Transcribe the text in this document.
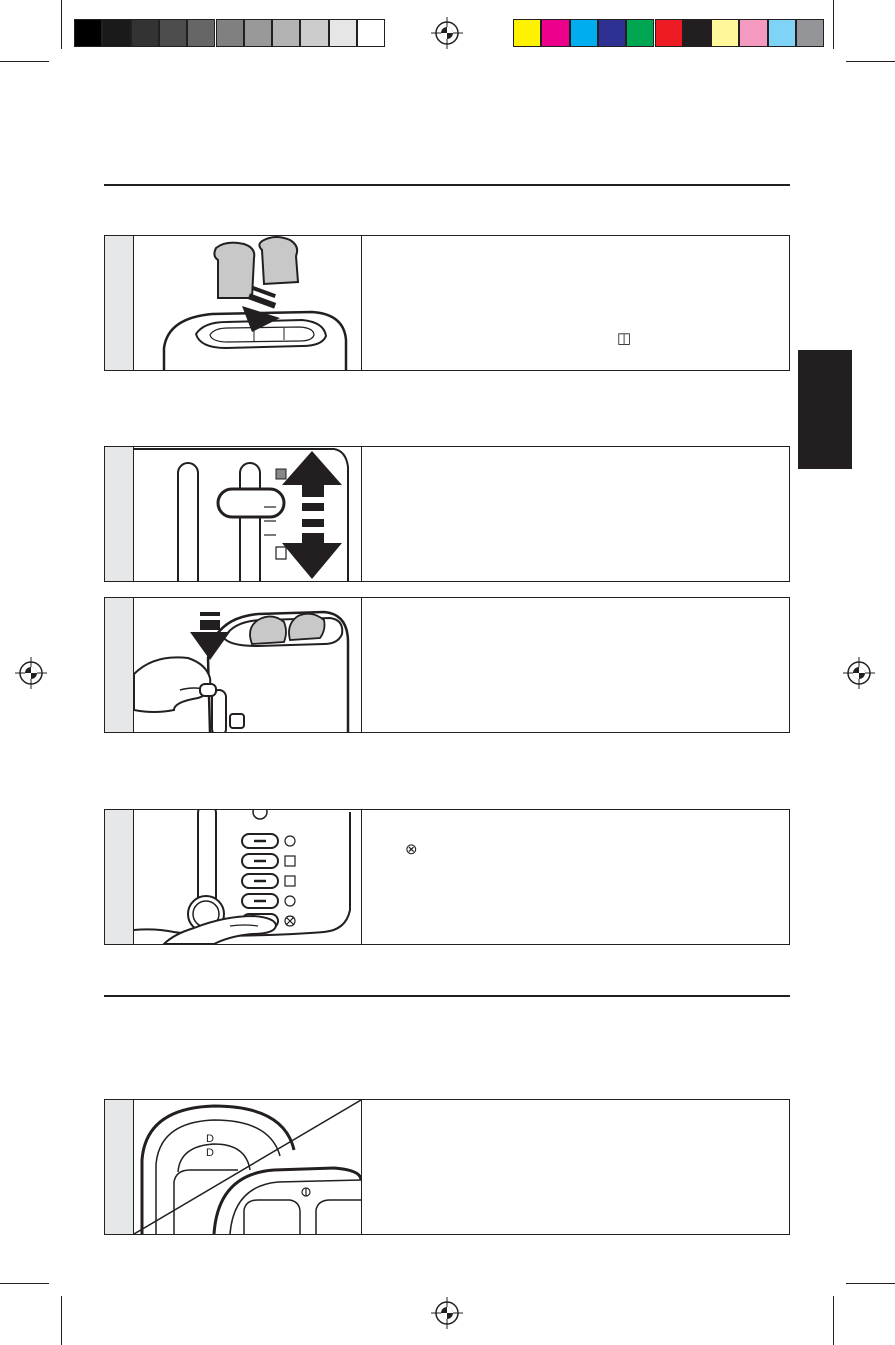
◫
⊗
D
D
